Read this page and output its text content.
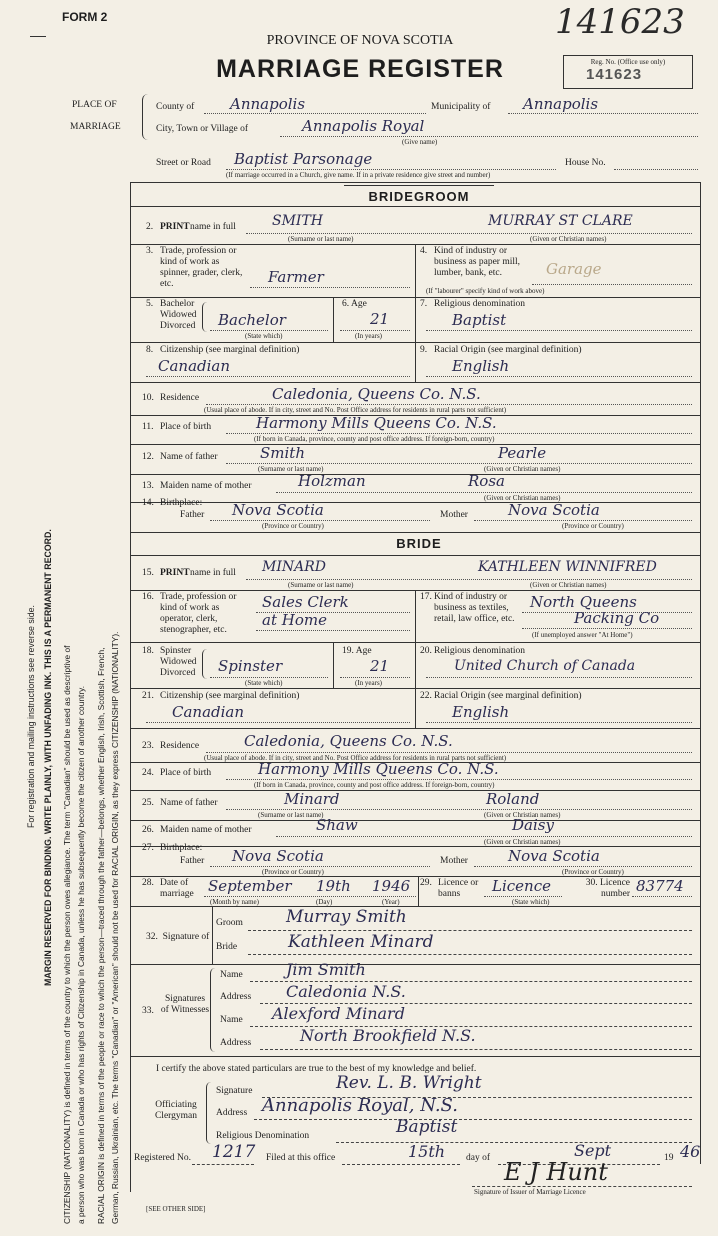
FORM 2	141623
PROVINCE OF NOVA SCOTIA
MARRIAGE REGISTER	Reg. No. (Office use only)
141623
PLACE OF
MARRIAGE
County of Annapolis	Municipality of Annapolis
City, Town or Village of	Annapolis Royal
(Give name)
Street or Road Baptist Parsonage	House No.
(If marriage occurred in a Church, give name. If in a private residence give street and number)
BRIDEGROOM
2. PRINT name in full	SMITH	MURRAY ST CLARE
(Surname or last name)	(Given or Christian names)
3. Trade, profession or kind of work as spinner, grader, clerk, etc.	Farmer
4. Kind of industry or business as paper mill, lumber, bank, etc.	Garage
(If "labourer" specify kind of work above)
5. Bachelor Widowed Divorced	Bachelor
(State which)
6. Age
21
(In years)
7. Religious denomination
Baptist
8. Citizenship (see marginal definition)
Canadian
9. Racial Origin (see marginal definition)
English
10. Residence	Caledonia, Queens Co. N.S.
(Usual place of abode. If in city, street and No. Post Office address for residents in rural parts not sufficient)
11. Place of birth	Harmony Mills Queens Co. N.S.
(If born in Canada, province, county and post office address. If foreign-born, country)
12. Name of father	Smith	Pearle
(Surname or last name)	(Given or Christian names)
13. Maiden name of mother	Holzman	Rosa
(Given or Christian names)
14. Birthplace:
Father Nova Scotia
(Province or Country)
Mother	Nova Scotia
(Province or Country)
BRIDE
15. PRINT name in full MINARD	KATHLEEN WINNIFRED
(Surname or last name)	(Given or Christian names)
16. Trade, profession or kind of work as operator, clerk, stenographer, etc.
Sales Clerk
at Home
17. Kind of industry or business as textiles, retail, law office, etc.
North Queens
Packing Co
(If unemployed answer "At Home")
18. Spinster Widowed Divorced	Spinster
(State which)
19. Age
21
(In years)
20. Religious denomination
United Church of Canada
21. Citizenship (see marginal definition)
Canadian
22. Racial Origin (see marginal definition)
English
23. Residence	Caledonia, Queens Co. N.S.
(Usual place of abode. If in city, street and No. Post Office address for residents in rural parts not sufficient)
24. Place of birth	Harmony Mills Queens Co. N.S.
(If born in Canada, province, county and post office address. If foreign-born, country)
25. Name of father	Minard	Roland
(Surname or last name)	(Given or Christian names)
26. Maiden name of mother	Shaw	Daisy
(Given or Christian names)
27. Birthplace:
Father Nova Scotia
(Province or Country)
Mother	Nova Scotia
(Province or Country)
28. Date of marriage September 19th 1946
(Month by name)	(Day)	(Year)
29. Licence or banns	Licence
(State which)
30. Licence number 83774
32. Signature of
Groom	Murray Smith
Bride	Kathleen Minard
33.
Signatures of Witnesses
Name	Jim Smith
Address Caledonia N.S.
Name Alexford Minard
Address	North Brookfield N.S.
I certify the above stated particulars are true to the best of my knowledge and belief.
Officiating Clergyman
Signature	Rev. L. B. Wright
Address Annapolis Royal, N.S.
Religious Denomination	Baptist
Registered No. 1217 Filed at this office	15th day of	Sept	19 46
E J Hunt
Signature of Issuer of Marriage Licence
[SEE OTHER SIDE]
For registration and mailing instructions see reverse side. MARGIN RESERVED FOR BINDING. WRITE PLAINLY, WITH UNFADING INK. THIS IS A PERMANENT RECORD. CITIZENSHIP (NATIONALITY) is defined in terms of the country to which the person owes allegiance. The term "Canadian" should be used as descriptive of a person who was born in Canada or who has rights of Citizenship in Canada, unless he has subsequently become the citizen of another country. RACIAL ORIGIN is defined in terms of the people or race to which the person—traced through the father—belongs, whether English, Irish, Scottish, French, German, Russian, Ukrainian, etc. The terms "Canadian" or "American" should not be used for RACIAL ORIGIN, as they express CITIZENSHIP (NATIONALITY).
